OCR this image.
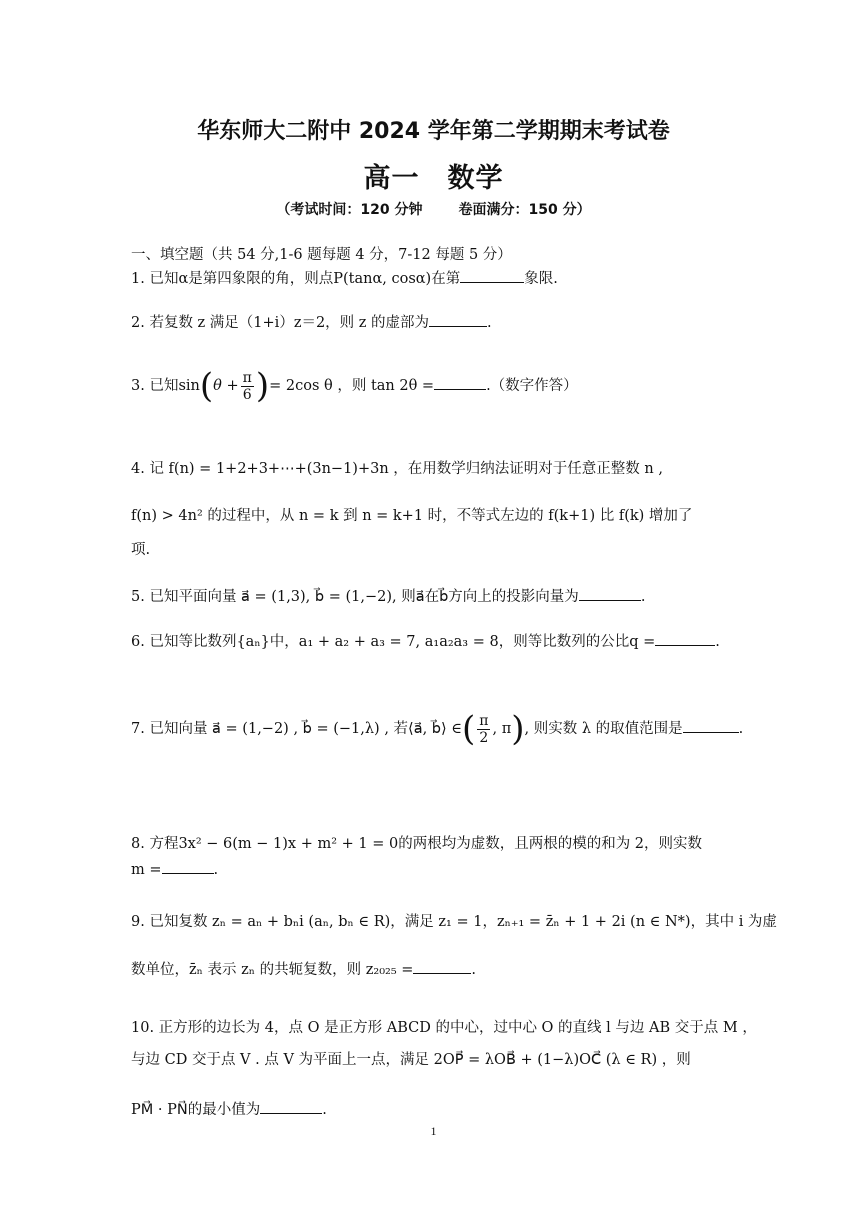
华东师大二附中 2024 学年第二学期期末考试卷
高一　数学
（考试时间：120 分钟	卷面满分：150 分）
一、填空题（共 54 分,1-6 题每题 4 分，7-12 每题 5 分）
1. 已知α是第四象限的角，则点P(tanα, cosα)在第	象限.
2. 若复数 z 满足（1+i）z＝2，则 z 的虚部为	.
3. 已知$\sin(\theta + \frac{\pi}{6}$ )= 2cos θ ，则 tan 2θ =	.（数字作答）
4. 记 f(n) = 1+2+3+⋯+(3n−1)+3n ，在用数学归纳法证明对于任意正整数 n ,
f(n) > 4n² 的过程中，从 n = k 到 n = k+1 时，不等式左边的 f(k+1) 比 f(k) 增加了
项.
5. 已知平面向量 a⃗ = (1,3), b⃗ = (1,−2), 则a⃗在b⃗方向上的投影向量为	.
6. 已知等比数列{aₙ}中，a₁ + a₂ + a₃ = 7, a₁a₂a₃ = 8，则等比数列的公比q =	.
7. 已知向量 a⃗ = (1,−2) , b⃗ = (−1,λ) , 若⟨a⃗, b⃗⟩ ∈( $\frac{\pi}{2}$ , π), 则实数 λ 的取值范围是	.
8. 方程3x² − 6(m − 1)x + m² + 1 = 0的两根均为虚数，且两根的模的和为 2，则实数
m =	.
9. 已知复数 zₙ = aₙ + bₙi (aₙ, bₙ ∈ R)，满足 z₁ = 1，zₙ₊₁ = z̄ₙ + 1 + 2i (n ∈ N*)，其中 i 为虚
数单位，z̄ₙ 表示 zₙ 的共轭复数，则 z₂₀₂₅ =	.
10. 正方形的边长为 4，点 O 是正方形 ABCD 的中心，过中心 O 的直线 l 与边 AB 交于点 M ，
与边 CD 交于点 V . 点 V 为平面上一点，满足 2OP⃗ = λOB⃗ + (1−λ)OC⃗ (λ ∈ R) ，则
PM⃗ · PN⃗的最小值为	.
1
